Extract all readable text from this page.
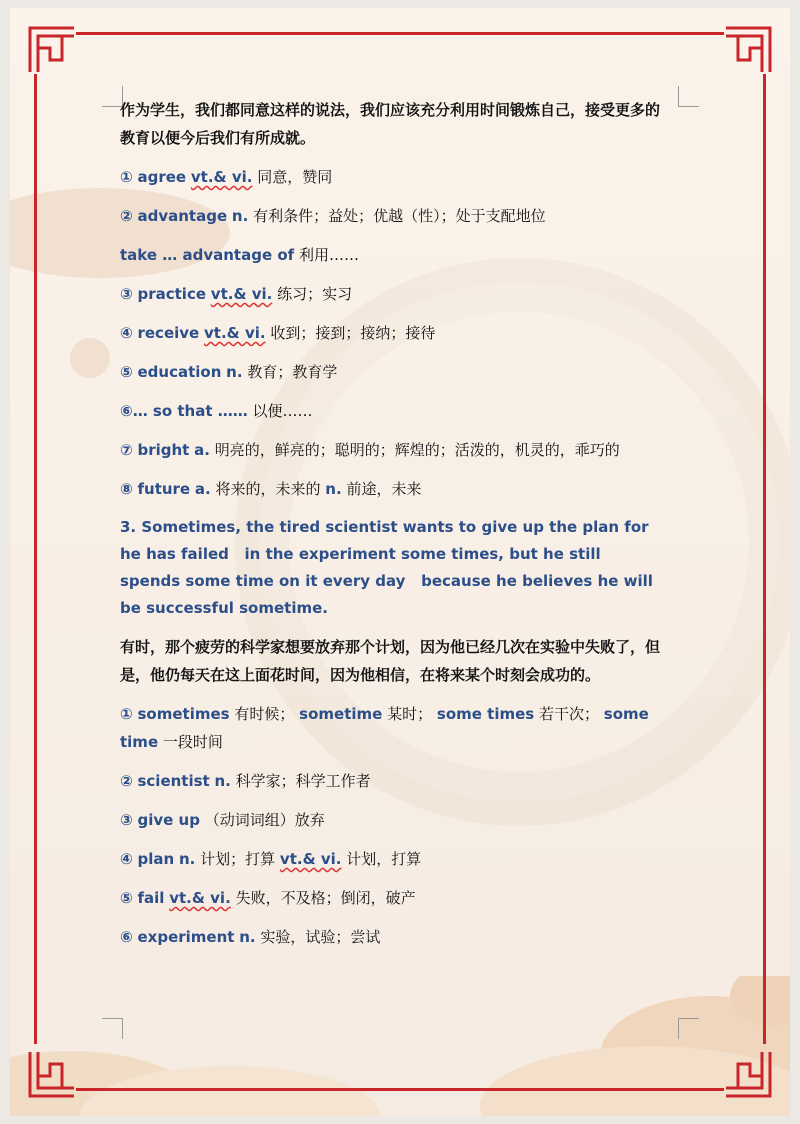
作为学生，我们都同意这样的说法，我们应该充分利用时间锻炼自己，接受更多的教育以便今后我们有所成就。

① agree vt.& vi. 同意，赞同

② advantage n. 有利条件；益处；优越（性）；处于支配地位

take … advantage of 利用……

③ practice vt.& vi. 练习；实习

④ receive vt.& vi. 收到；接到；接纳；接待

⑤ education n. 教育；教育学

⑥… so that …… 以便……

⑦ bright a. 明亮的，鲜亮的；聪明的；辉煌的；活泼的，机灵的，乖巧的

⑧ future a. 将来的，未来的 n. 前途，未来

3. Sometimes, the tired scientist wants to give up the plan for he has failed   in the experiment some times, but he still spends some time on it every day   because he believes he will be successful sometime.

有时，那个疲劳的科学家想要放弃那个计划，因为他已经几次在实验中失败了，但是，他仍每天在这上面花时间，因为他相信，在将来某个时刻会成功的。

① sometimes 有时候； sometime 某时； some times 若干次； some time 一段时间

② scientist n. 科学家；科学工作者

③ give up （动词词组）放弃

④ plan n. 计划；打算 vt.& vi. 计划，打算

⑤ fail vt.& vi. 失败，不及格；倒闭，破产

⑥ experiment n. 实验，试验；尝试
